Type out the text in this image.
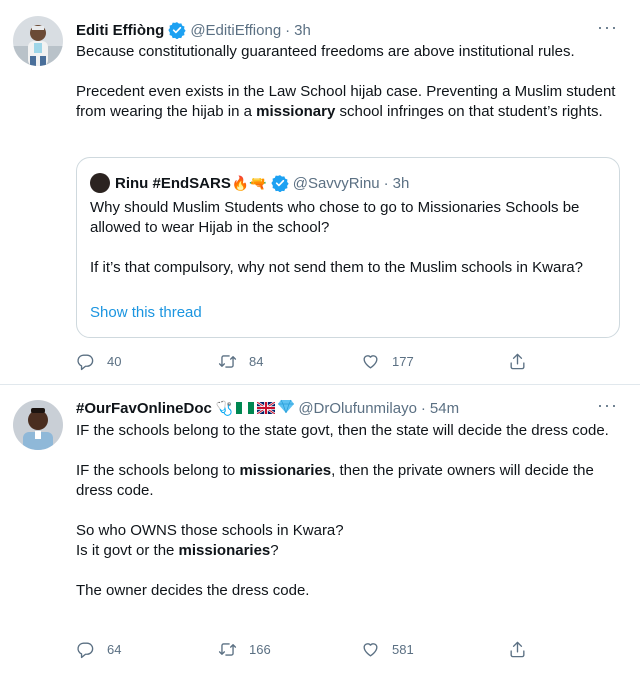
Editi Effiòng @EditiEffiong · 3h	···

Because constitutionally guaranteed freedoms are above institutional rules.

Precedent even exists in the Law School hijab case. Preventing a Muslim student from wearing the hijab in a missionary school infringes on that student’s rights.

Rinu #EndSARS 🔥🔫 @SavvyRinu · 3h

Why should Muslim Students who chose to go to Missionaries Schools be allowed to wear Hijab in the school?

If it’s that compulsory, why not send them to the Muslim schools in Kwara?

Show this thread
40	84	177
#OurFavOnlineDoc 🩺	@DrOlufunmilayo · 54m	···

IF the schools belong to the state govt, then the state will decide the dress code.

IF the schools belong to missionaries, then the private owners will decide the dress code.

So who OWNS those schools in Kwara?
Is it govt or the missionaries?

The owner decides the dress code.

64	166	581
